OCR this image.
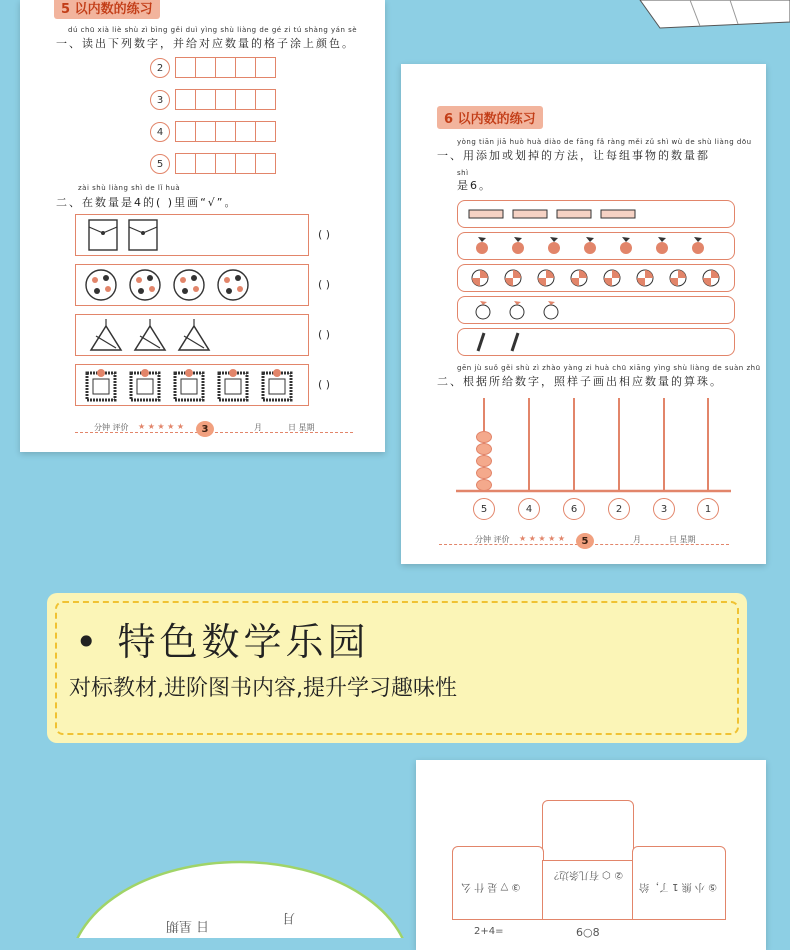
5 以内数的练习
dú chū xià liè shù zì bìng gěi duì yìng shù liàng de gé zi tú shàng yán sè
一、读出下列数字，并给对应数量的格子涂上颜色。
2
3
4
5
zài shù liàng shì de lǐ huà
二、在数量是4的( )里画“√”。
( )
( )
( )
( )
分钟 评价 ★ ★ ★ ★ ★	3	月	日 星期
6 以内数的练习
yòng tiān jiā huò huà diào de fāng fǎ ràng měi zǔ shì wù de shù liàng dōu
一、用添加或划掉的方法，让每组事物的数量都
shì
是6。
gēn jù suǒ gěi shù zì zhào yàng zi huà chū xiāng yìng shù liàng de suàn zhū
二、根据所给数字，照样子画出相应数量的算珠。
5	4	6	2	3	1
分钟 评价 ★ ★ ★ ★ ★	5	月	日 星期
• 特色数学乐园

对标教材,进阶图书内容,提升学习趣味性

月
日 星期
③ ▽ 是 什 么
② ⬡ 有几条边？
⑤ 小 熊 1 了，给
6○8
2+4=
